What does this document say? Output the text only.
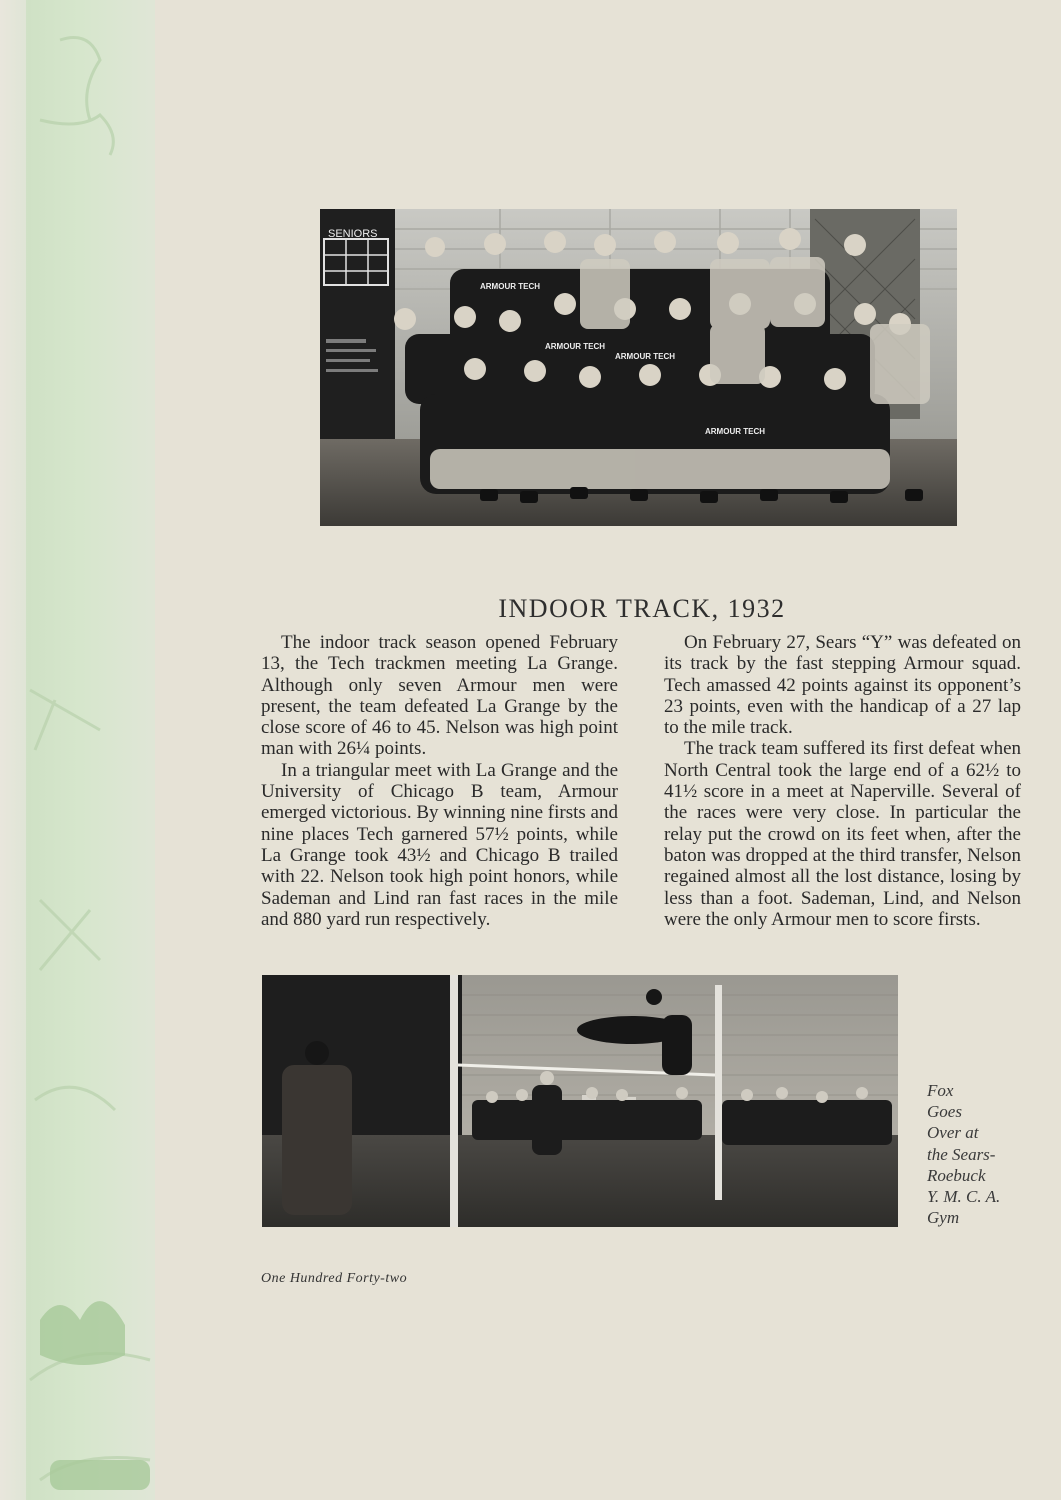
SENIORS
ARMOUR TECH
ARMOUR TECH
ARMOUR TECH
ARMOUR TECH
INDOOR TRACK, 1932

The indoor track season opened February 13, the Tech trackmen meeting La Grange. Although only seven Armour men were present, the team defeated La Grange by the close score of 46 to 45. Nelson was high point man with 26¼ points.

In a triangular meet with La Grange and the University of Chicago B team, Armour emerged victorious. By winning nine firsts and nine places Tech garnered 57½ points, while La Grange took 43½ and Chicago B trailed with 22. Nelson took high point honors, while Sademan and Lind ran fast races in the mile and 880 yard run respectively.

On February 27, Sears “Y” was defeated on its track by the fast stepping Armour squad. Tech amassed 42 points against its opponent’s 23 points, even with the handicap of a 27 lap to the mile track.

The track team suffered its first defeat when North Central took the large end of a 62½ to 41½ score in a meet at Naperville. Several of the races were very close. In particular the relay put the crowd on its feet when, after the baton was dropped at the third transfer, Nelson regained almost all the lost distance, losing by less than a foot. Sademan, Lind, and Nelson were the only Armour men to score firsts.

Fox
Goes
Over at
the Sears-
Roebuck
Y. M. C. A.
Gym
One Hundred Forty-two
